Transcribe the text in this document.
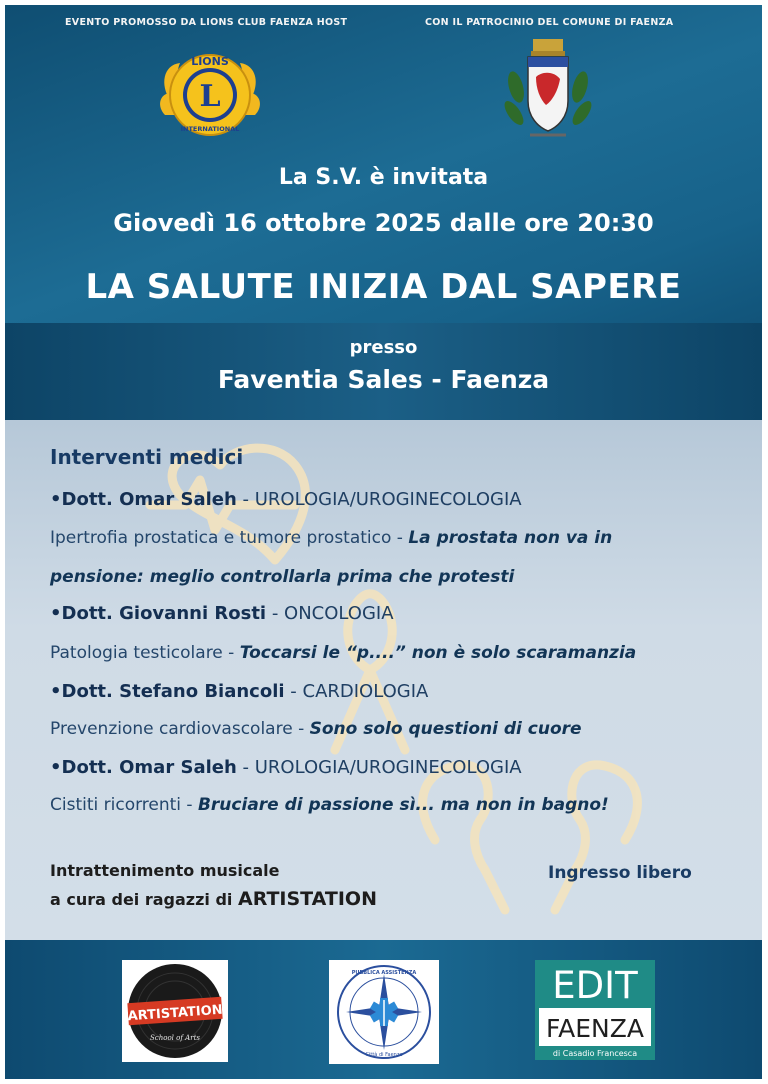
EVENTO PROMOSSO DA LIONS CLUB FAENZA HOST	CON IL PATROCINIO DEL COMUNE DI FAENZA
L
LIONS
INTERNATIONAL
La S.V. è invitata
Giovedì 16 ottobre 2025 dalle ore 20:30
LA SALUTE INIZIA DAL SAPERE
presso
Faventia Sales - Faenza
Interventi medici
•Dott. Omar Saleh - UROLOGIA/UROGINECOLOGIA
Ipertrofia prostatica e tumore prostatico - La prostata non va in
pensione: meglio controllarla prima che protesti
•Dott. Giovanni Rosti - ONCOLOGIA
Patologia testicolare - Toccarsi le “p....” non è solo scaramanzia
•Dott. Stefano Biancoli - CARDIOLOGIA
Prevenzione cardiovascolare - Sono solo questioni di cuore
•Dott. Omar Saleh - UROLOGIA/UROGINECOLOGIA
Cistiti ricorrenti - Bruciare di passione sì... ma non in bagno!
Intrattenimento musicale
a cura dei ragazzi di ARTISTATION
Ingresso libero
ARTISTATION
School of Arts
PUBBLICA ASSISTENZA
Città di Faenza
EDIT
FAENZA
di Casadio Francesca
